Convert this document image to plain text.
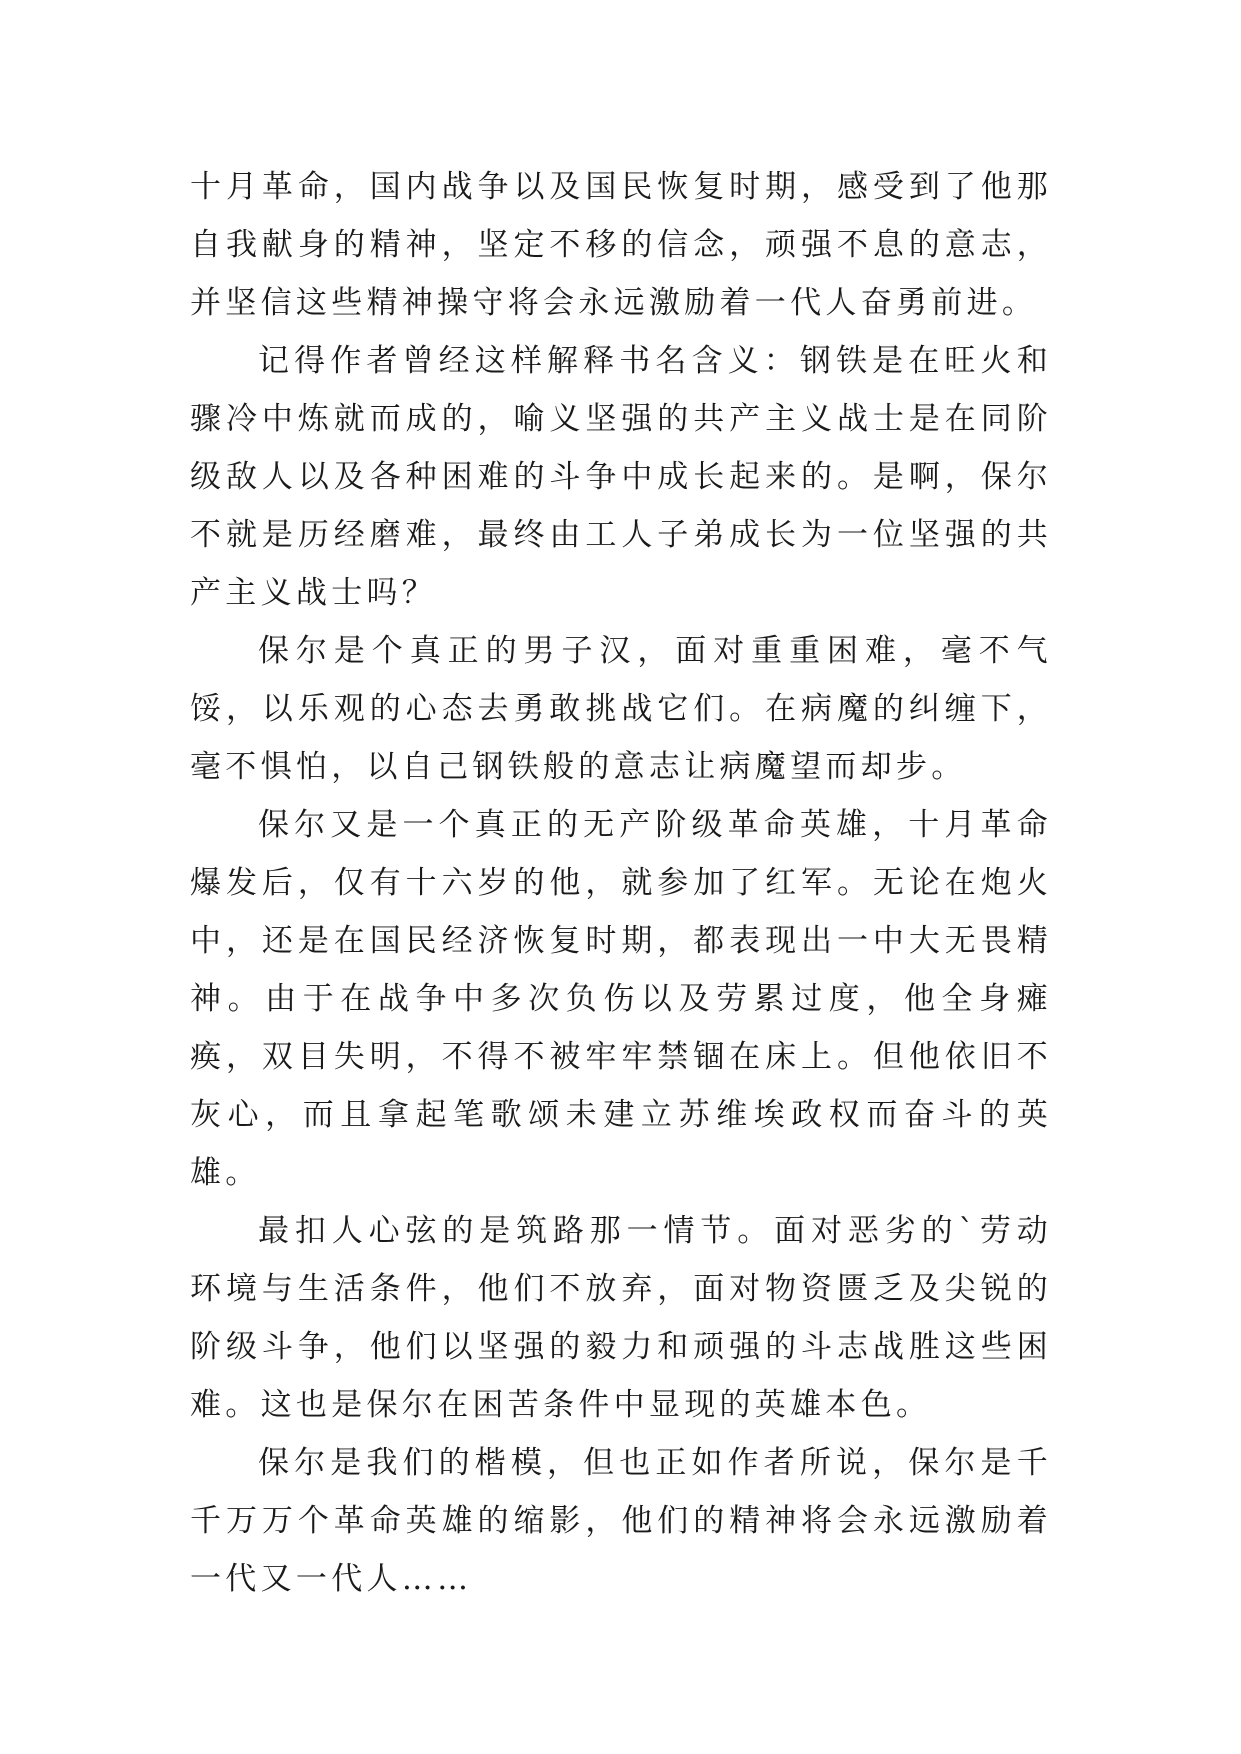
十月革命，国内战争以及国民恢复时期，感受到了他那自我献身的精神，坚定不移的信念，顽强不息的意志，并坚信这些精神操守将会永远激励着一代人奋勇前进。

记得作者曾经这样解释书名含义：钢铁是在旺火和骤冷中炼就而成的，喻义坚强的共产主义战士是在同阶级敌人以及各种困难的斗争中成长起来的。是啊，保尔不就是历经磨难，最终由工人子弟成长为一位坚强的共产主义战士吗？

保尔是个真正的男子汉，面对重重困难，毫不气馁，以乐观的心态去勇敢挑战它们。在病魔的纠缠下，毫不惧怕，以自己钢铁般的意志让病魔望而却步。

保尔又是一个真正的无产阶级革命英雄，十月革命爆发后，仅有十六岁的他，就参加了红军。无论在炮火中，还是在国民经济恢复时期，都表现出一中大无畏精神。由于在战争中多次负伤以及劳累过度，他全身瘫痪，双目失明，不得不被牢牢禁锢在床上。但他依旧不灰心，而且拿起笔歌颂未建立苏维埃政权而奋斗的英雄。

最扣人心弦的是筑路那一情节。面对恶劣的`劳动环境与生活条件，他们不放弃，面对物资匮乏及尖锐的阶级斗争，他们以坚强的毅力和顽强的斗志战胜这些困难。这也是保尔在困苦条件中显现的英雄本色。

保尔是我们的楷模，但也正如作者所说，保尔是千千万万个革命英雄的缩影，他们的精神将会永远激励着一代又一代人……
